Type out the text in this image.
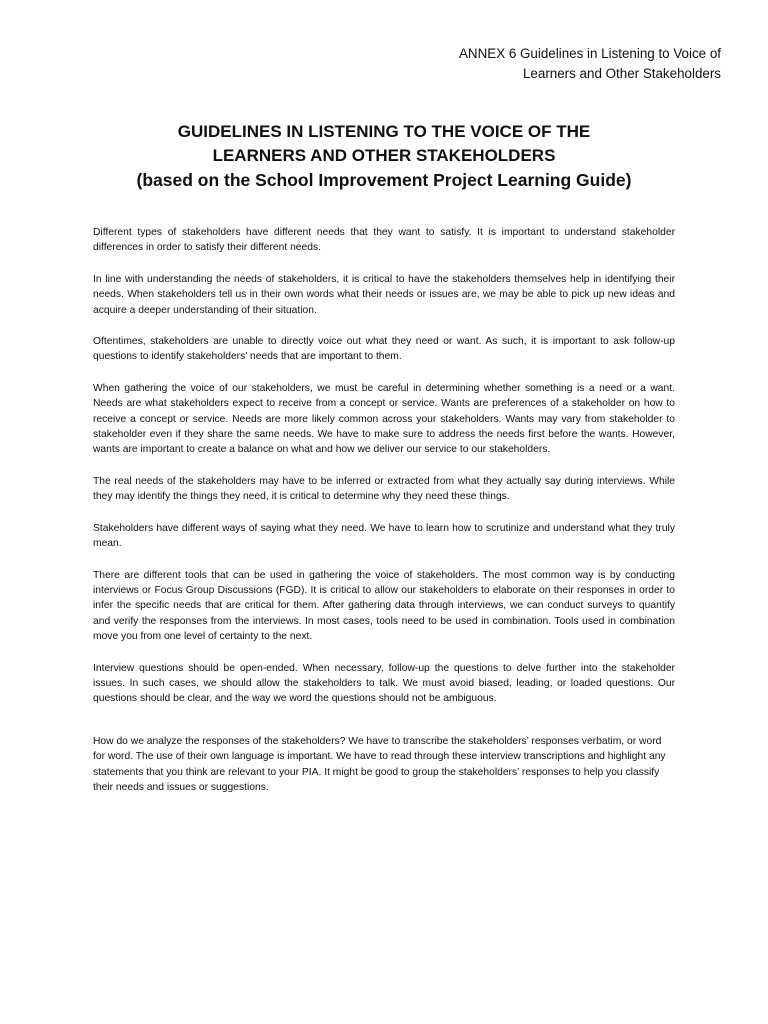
ANNEX 6 Guidelines in Listening to Voice of
Learners and Other Stakeholders
GUIDELINES IN LISTENING TO THE VOICE OF THE
LEARNERS AND OTHER STAKEHOLDERS
(based on the School Improvement Project Learning Guide)

Different types of stakeholders have different needs that they want to satisfy. It is important to understand stakeholder differences in order to satisfy their different needs.

In line with understanding the needs of stakeholders, it is critical to have the stakeholders themselves help in identifying their needs. When stakeholders tell us in their own words what their needs or issues are, we may be able to pick up new ideas and acquire a deeper understanding of their situation.

Oftentimes, stakeholders are unable to directly voice out what they need or want. As such, it is important to ask follow-up questions to identify stakeholders’ needs that are important to them.

When gathering the voice of our stakeholders, we must be careful in determining whether something is a need or a want. Needs are what stakeholders expect to receive from a concept or service. Wants are preferences of a stakeholder on how to receive a concept or service. Needs are more likely common across your stakeholders. Wants may vary from stakeholder to stakeholder even if they share the same needs. We have to make sure to address the needs first before the wants. However, wants are important to create a balance on what and how we deliver our service to our stakeholders.

The real needs of the stakeholders may have to be inferred or extracted from what they actually say during interviews. While they may identify the things they need, it is critical to determine why they need these things.

Stakeholders have different ways of saying what they need. We have to learn how to scrutinize and understand what they truly mean.

There are different tools that can be used in gathering the voice of stakeholders. The most common way is by conducting interviews or Focus Group Discussions (FGD). It is critical to allow our stakeholders to elaborate on their responses in order to infer the specific needs that are critical for them. After gathering data through interviews, we can conduct surveys to quantify and verify the responses from the interviews. In most cases, tools need to be used in combination. Tools used in combination move you from one level of certainty to the next.

Interview questions should be open-ended. When necessary, follow-up the questions to delve further into the stakeholder issues. In such cases, we should allow the stakeholders to talk. We must avoid biased, leading, or loaded questions. Our questions should be clear, and the way we word the questions should not be ambiguous.

How do we analyze the responses of the stakeholders? We have to transcribe the stakeholders’ responses verbatim, or word for word. The use of their own language is important. We have to read through these interview transcriptions and highlight any statements that you think are relevant to your PIA. It might be good to group the stakeholders’ responses to help you classify their needs and issues or suggestions.
